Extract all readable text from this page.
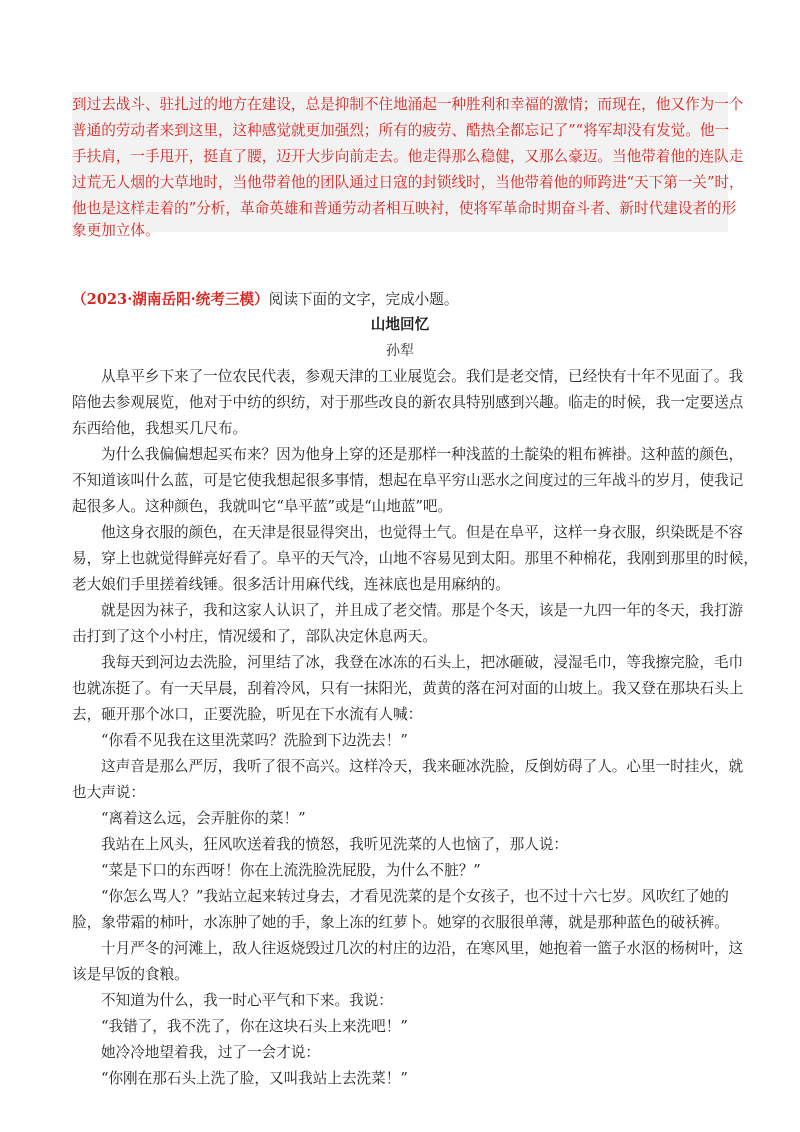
到过去战斗、驻扎过的地方在建设，总是抑制不住地涌起一种胜利和幸福的激情；而现在，他又作为一个
普通的劳动者来到这里，这种感觉就更加强烈；所有的疲劳、酷热全都忘记了”“将军却没有发觉。他一
手扶肩，一手甩开，挺直了腰，迈开大步向前走去。他走得那么稳健，又那么豪迈。当他带着他的连队走
过荒无人烟的大草地时，当他带着他的团队通过日寇的封锁线时，当他带着他的师跨进“天下第一关”时，
他也是这样走着的”分析，革命英雄和普通劳动者相互映衬，使将军革命时期奋斗者、新时代建设者的形
象更加立体。
（2023·湖南岳阳·统考三模）阅读下面的文字，完成小题。
山地回忆
孙犁
从阜平乡下来了一位农民代表，参观天津的工业展览会。我们是老交情，已经快有十年不见面了。我
陪他去参观展览，他对于中纺的织纺，对于那些改良的新农具特别感到兴趣。临走的时候，我一定要送点
东西给他，我想买几尺布。
为什么我偏偏想起买布来？因为他身上穿的还是那样一种浅蓝的土靛染的粗布裤褂。这种蓝的颜色，
不知道该叫什么蓝，可是它使我想起很多事情，想起在阜平穷山恶水之间度过的三年战斗的岁月，使我记
起很多人。这种颜色，我就叫它“阜平蓝”或是“山地蓝”吧。
他这身衣服的颜色，在天津是很显得突出，也觉得土气。但是在阜平，这样一身衣服，织染既是不容
易，穿上也就觉得鲜亮好看了。阜平的天气冷，山地不容易见到太阳。那里不种棉花，我刚到那里的时候，
老大娘们手里搓着线锤。很多活计用麻代线，连袜底也是用麻纳的。
就是因为袜子，我和这家人认识了，并且成了老交情。那是个冬天，该是一九四一年的冬天，我打游
击打到了这个小村庄，情况缓和了，部队决定休息两天。
我每天到河边去洗脸，河里结了冰，我登在冰冻的石头上，把冰砸破，浸湿毛巾，等我擦完脸，毛巾
也就冻挺了。有一天早晨，刮着冷风，只有一抹阳光，黄黄的落在河对面的山坡上。我又登在那块石头上
去，砸开那个冰口，正要洗脸，听见在下水流有人喊：
“你看不见我在这里洗菜吗？洗脸到下边洗去！”
这声音是那么严厉，我听了很不高兴。这样冷天，我来砸冰洗脸，反倒妨碍了人。心里一时挂火，就
也大声说：
“离着这么远，会弄脏你的菜！”
我站在上风头，狂风吹送着我的愤怒，我听见洗菜的人也恼了，那人说：
“菜是下口的东西呀！你在上流洗脸洗屁股，为什么不脏？”
“你怎么骂人？”我站立起来转过身去，才看见洗菜的是个女孩子，也不过十六七岁。风吹红了她的
脸，象带霜的柿叶，水冻肿了她的手，象上冻的红萝卜。她穿的衣服很单薄，就是那种蓝色的破袄裤。
十月严冬的河滩上，敌人往返烧毁过几次的村庄的边沿，在寒风里，她抱着一篮子水沤的杨树叶，这
该是早饭的食粮。
不知道为什么，我一时心平气和下来。我说：
“我错了，我不洗了，你在这块石头上来洗吧！”
她冷冷地望着我，过了一会才说：
“你刚在那石头上洗了脸，又叫我站上去洗菜！”
